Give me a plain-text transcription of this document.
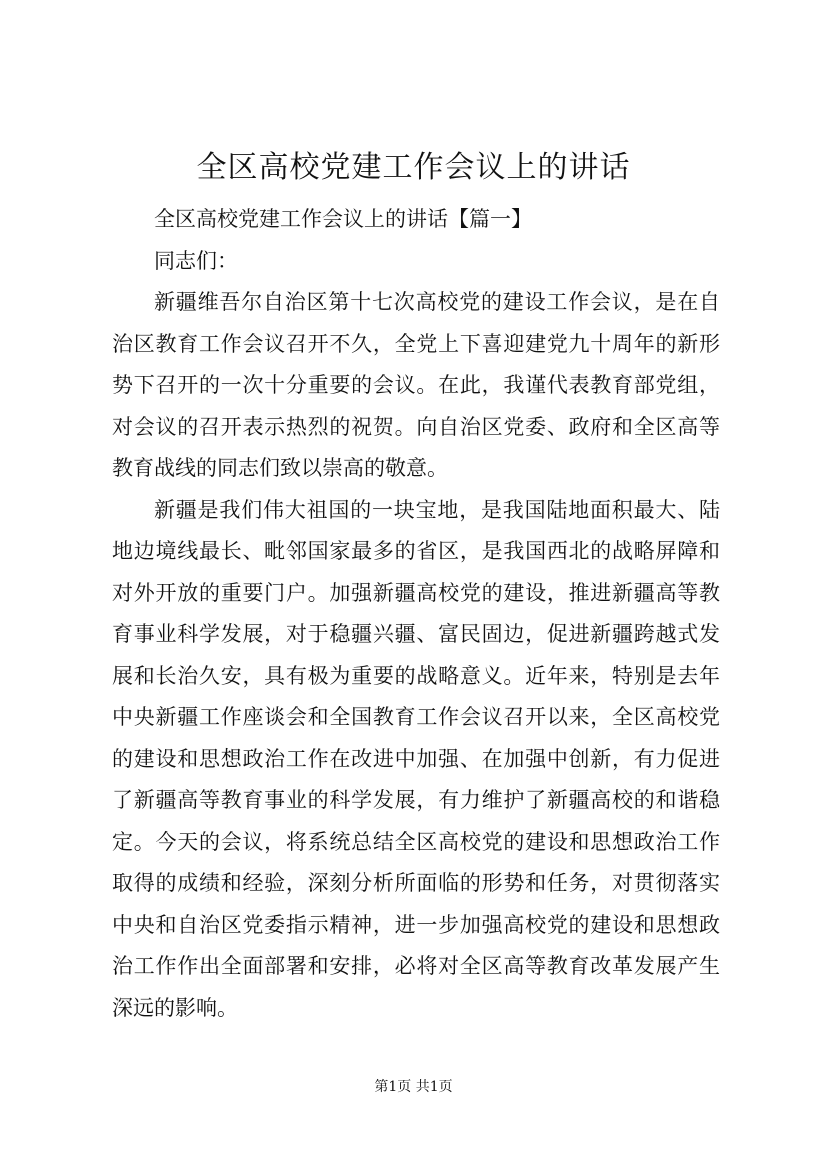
全区高校党建工作会议上的讲话

全区高校党建工作会议上的讲话【篇一】

同志们：

新疆维吾尔自治区第十七次高校党的建设工作会议，是在自治区教育工作会议召开不久，全党上下喜迎建党九十周年的新形势下召开的一次十分重要的会议。在此，我谨代表教育部党组，对会议的召开表示热烈的祝贺。向自治区党委、政府和全区高等教育战线的同志们致以崇高的敬意。

新疆是我们伟大祖国的一块宝地，是我国陆地面积最大、陆地边境线最长、毗邻国家最多的省区，是我国西北的战略屏障和对外开放的重要门户。加强新疆高校党的建设，推进新疆高等教育事业科学发展，对于稳疆兴疆、富民固边，促进新疆跨越式发展和长治久安，具有极为重要的战略意义。近年来，特别是去年中央新疆工作座谈会和全国教育工作会议召开以来，全区高校党的建设和思想政治工作在改进中加强、在加强中创新，有力促进了新疆高等教育事业的科学发展，有力维护了新疆高校的和谐稳定。今天的会议，将系统总结全区高校党的建设和思想政治工作取得的成绩和经验，深刻分析所面临的形势和任务，对贯彻落实中央和自治区党委指示精神，进一步加强高校党的建设和思想政治工作作出全面部署和安排，必将对全区高等教育改革发展产生深远的影响。

第1页 共1页
